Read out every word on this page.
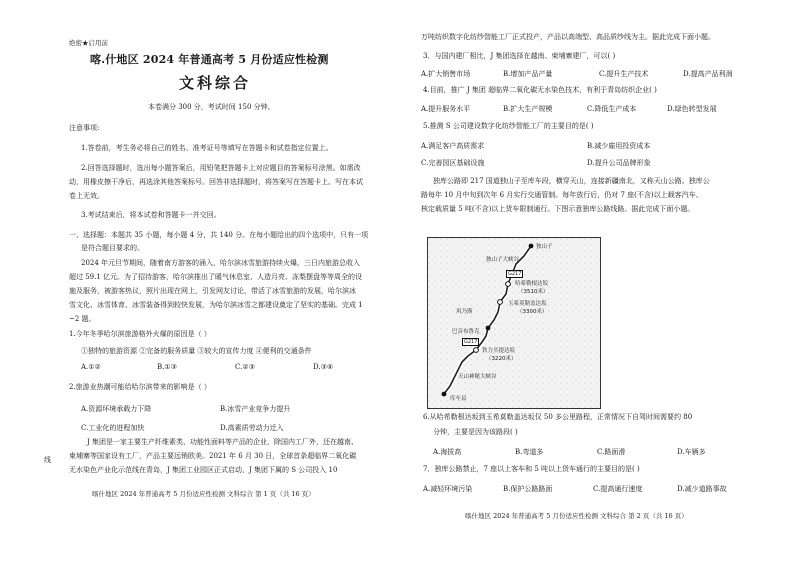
绝密★启用前
喀.什地区 2024 年普通高考 5 月份适应性检测
文科综合
本卷满分 300 分，考试时间 150 分钟。
注意事项:
1.答卷前，考生务必将自己的姓名、准考证号等填写在答题卡和试卷指定位置上。
2.回答选择题时，选出每小题答案后，用铅笔把答题卡上对应题目的答案标号涂黑。如需改
动，用橡皮擦干净后，再选涂其他答案标号。回答非选择题时，将答案写在答题卡上。写在本试
卷上无效。
3.考试结束后，将本试卷和答题卡一并交回。
一、选择题：本题共 35 小题，每小题 4 分，共 140 分。在每小题给出的四个选项中，只有一项
是符合题目要求的。
2024 年元旦节期间，随着南方游客的涌入，哈尔滨冰雪旅游持续火爆，三日内旅游总收入
超过 59.1 亿元。为了招待游客，哈尔滨推出了暖气休息室、人造月亮、冻梨摆盘等等周全的设
施及服务，被游客热议，照片出现在网上，引发网友讨论，带活了冰雪旅游的发展，哈尔滨冰
雪文化、冰雪体育、冰雪装备得到较快发展，为哈尔滨冰雪之都建设奠定了坚实的基础。完成 1
~2 题。
1.今年冬季哈尔滨旅游格外火爆的原因是（ ）
①独特的旅游资源 ②完备的服务质量 ③较大的宣传力度 ④便利的交通条件
A.①②	B.①③	C.②③	D.③④
2.旅游业热潮可能给哈尔滨带来的影响是（ ）
A.资源环境承载力下降	B.冰雪产业竞争力提升
C.工业化的进程加快	D.高素质劳动力迁入
J 集团是一家主要生产纤维素类、功能性面料等产品的企业，除国内工厂外，还在越南、
柬埔寨等国家设有工厂，产品主要远销欧美。2021 年 6 月 30 日，全球首条超临界二氧化碳
无水染色产业化示范线在青岛，J 集团工业园区正式启动，J 集团下属的 S 公司投入 10
线
喀什地区 2024 年普通高考 5 月份适应性检测 文科综合 第 1 页（共 16 页）
万吨纺织数字化纺纱智能工厂正式投产，产品以高端型、高品质纱线为主。据此完成下面小题。
3．与国内建厂相比，J 集团选择在越南、柬埔寨建厂，可以( )
A.扩大销售市场	B.增加产品产量	C.提升生产技术	D.提高产品利润
4.目前，推广 J 集团 超临界二氧化碳无水染色技术，有利于青岛纺织企业( )
A.提升服务水平	B.扩大生产规模	C.降低生产成本	D.绿色转型发展
5.推测 S 公司建设数字化纺纱智能工厂的主要目的是( )
A.满足客户高质需求	B.减少雇用投资成本
C.完善园区基础设施	D.提升公司品牌形象
独库公路即 217 国道独山子至库车段，横穿天山，连接新疆南北，又称天山公路。独库公
路每年 10 月中旬到次年 6 月实行交通管制。每年放行后，仍对 7 座(不含)以上载客汽车、
核定载质量 5 吨(不含)以上货车限制通行。下图示意独库公路线路。据此完成下面小题。
6.从哈希勒根达坂到玉希莫勒盖达坂仅 50 多公里路程，正常情况下自驾时间需要约 80
分钟，主要是因为该路段( )
A.海拔高	B.弯道多	C.路面滑	D.车辆多
7．独库公路禁止，7 座以上客车和 5 吨以上货车通行的主要目的是( )
A.减轻环境污染	B.保护公路路面	C.提高通行速度	D.减少道路事故
喀什地区 2024 年普通高考 5 月份适应性检测 文科综合 第 2 页（共 16 页）
独山子
独山子大峡谷
G217
哈希勒根达坂
（3510米）
玉希莫勒盖达坂
（3300米）
巩乃斯
巴音布鲁克
G217
铁力买提达坂
（3220米）
天山神秘大峡谷
库车县
